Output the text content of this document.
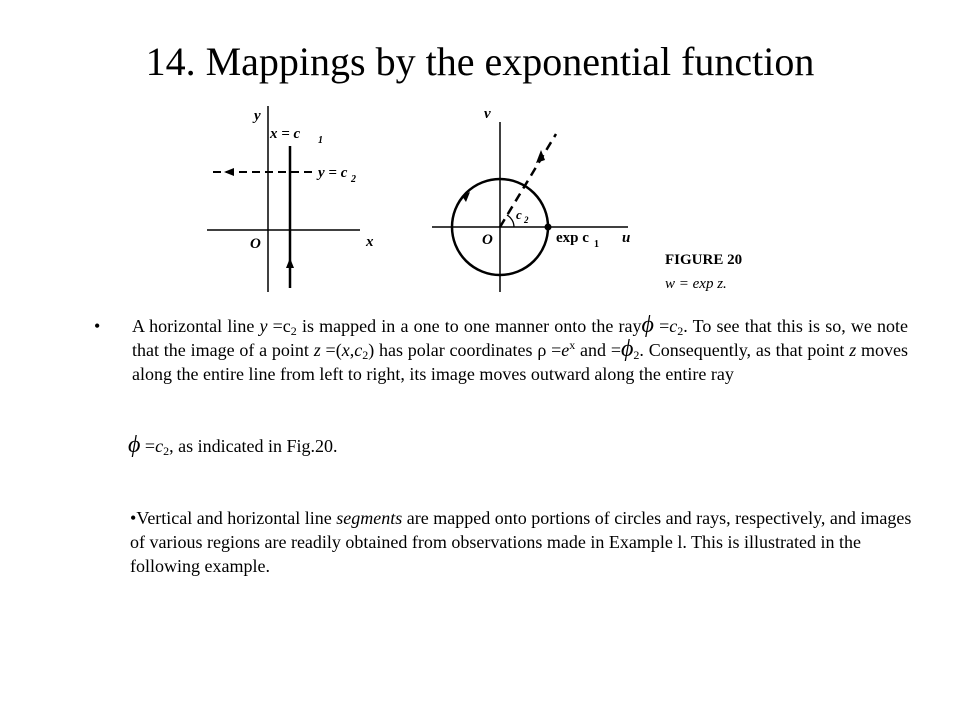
14. Mappings by the exponential function
y
x
O
x = c 1
y = c 2
v
u
O
c 2
exp c 1
FIGURE 20
w = exp z.
• A horizontal line $y =c_2$ is mapped in a one to one manner onto the $ray\phi =c_2$. To see that this is so, we note that the image of a point $z =(x,c_2)$ has polar coordinates $\rho =e^x$ and $=\phi_2$. Consequently, as that point z moves along the entire line from left to right, its image moves outward along the entire ray
$\phi =c_2$, as indicated in Fig.20.
•Vertical and horizontal line segments are mapped onto portions of circles and rays, respectively, and images of various regions are readily obtained from observations made in Example l. This is illustrated in the following example.
